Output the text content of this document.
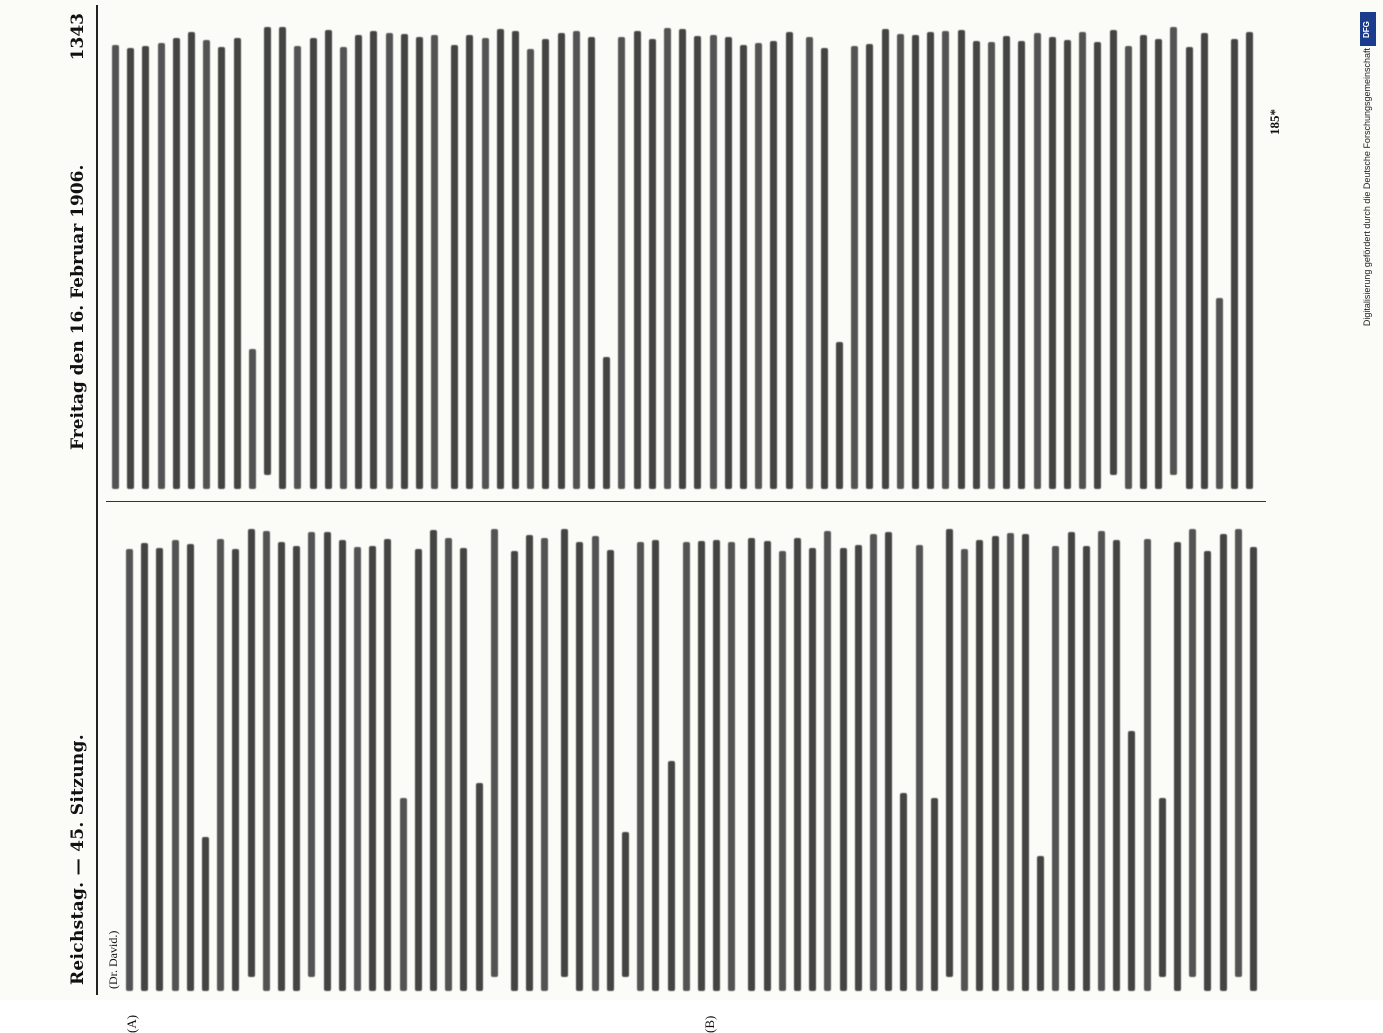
Reichstag. — 45. Sitzung.
Freitag den 16. Februar 1906.
1343
(Dr. David.)
(A)	(B)
185*
DFG
Digitalisierung gefördert durch die Deutsche Forschungsgemeinschaft
